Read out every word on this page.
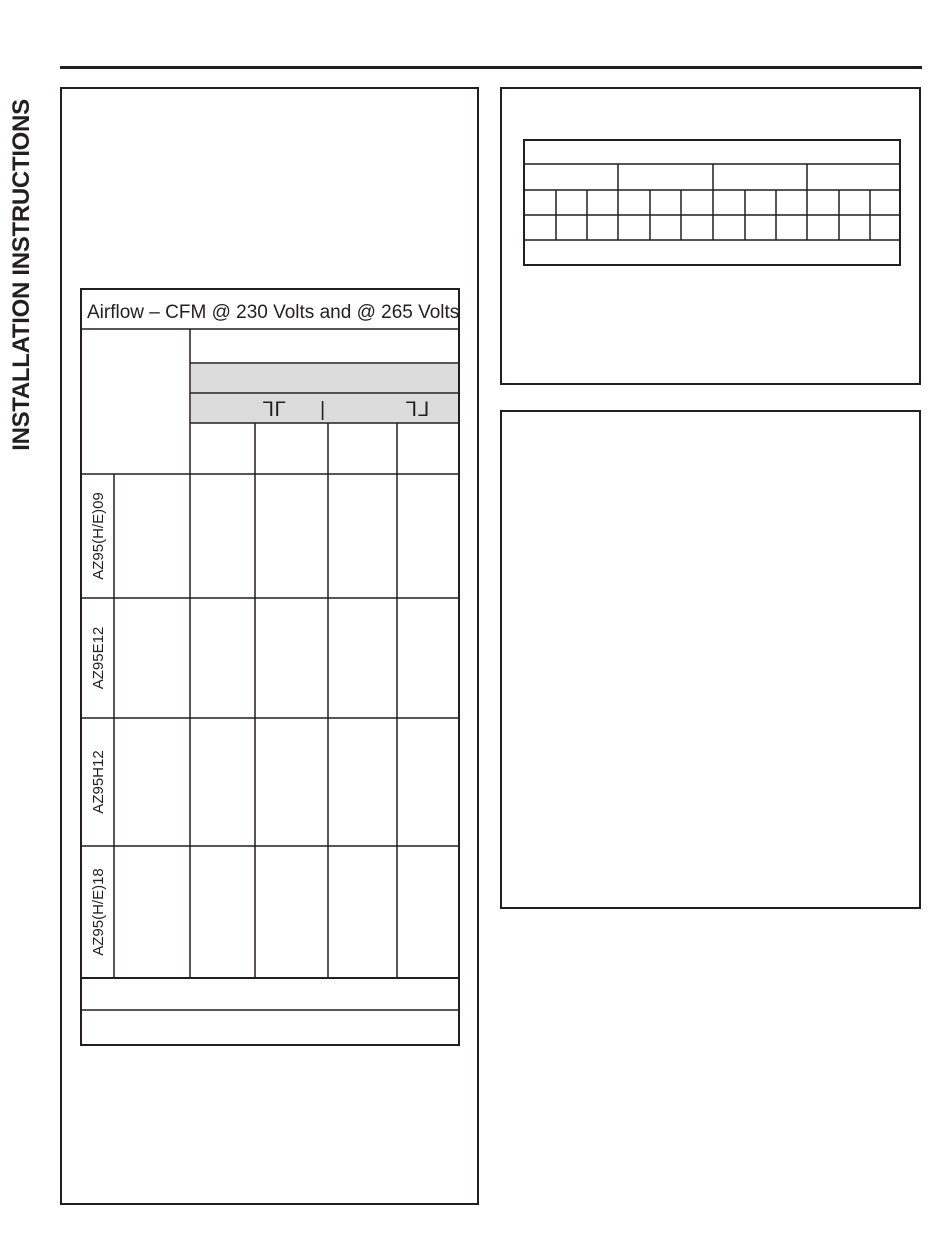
INSTALLATION INSTRUCTIONS	Airflow – CFM @ 230 Volts and @ 265 Volts
ᒣᒥ |	ᒣᒧ
AZ95(H/E)09
AZ95E12
AZ95H12
AZ95(H/E)18
